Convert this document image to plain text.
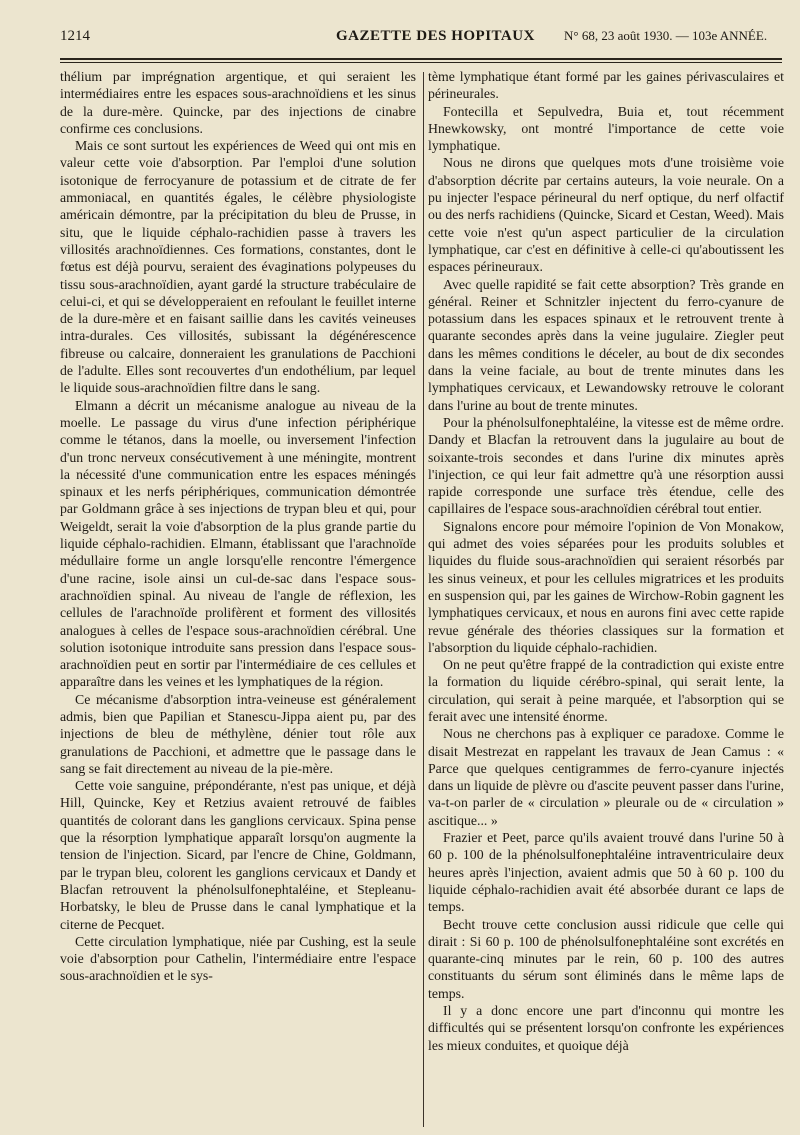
1214	GAZETTE DES HOPITAUX N° 68, 23 août 1930. — 103e ANNÉE.

thélium par imprégnation argentique, et qui seraient les intermédiaires entre les espaces sous-arachnoïdiens et les sinus de la dure-mère. Quincke, par des injections de cinabre confirme ces conclusions.

Mais ce sont surtout les expériences de Weed qui ont mis en valeur cette voie d'absorption. Par l'emploi d'une solution isotonique de ferrocyanure de potassium et de citrate de fer ammoniacal, en quantités égales, le célèbre physiologiste américain démontre, par la précipitation du bleu de Prusse, in situ, que le liquide céphalo-rachidien passe à travers les villosités arachnoïdiennes. Ces formations, constantes, dont le fœtus est déjà pourvu, seraient des évaginations polypeuses du tissu sous-arachnoïdien, ayant gardé la structure trabéculaire de celui-ci, et qui se développeraient en refoulant le feuillet interne de la dure-mère et en faisant saillie dans les cavités veineuses intra-durales. Ces villosités, subissant la dégénérescence fibreuse ou calcaire, donneraient les granulations de Pacchioni de l'adulte. Elles sont recouvertes d'un endothélium, par lequel le liquide sous-arachnoïdien filtre dans le sang.

Elmann a décrit un mécanisme analogue au niveau de la moelle. Le passage du virus d'une infection périphérique comme le tétanos, dans la moelle, ou inversement l'infection d'un tronc nerveux consécutivement à une méningite, montrent la nécessité d'une communication entre les espaces méningés spinaux et les nerfs périphériques, communication démontrée par Goldmann grâce à ses injections de trypan bleu et qui, pour Weigeldt, serait la voie d'absorption de la plus grande partie du liquide céphalo-rachidien. Elmann, établissant que l'arachnoïde médullaire forme un angle lorsqu'elle rencontre l'émergence d'une racine, isole ainsi un cul-de-sac dans l'espace sous-arachnoïdien spinal. Au niveau de l'angle de réflexion, les cellules de l'arachnoïde prolifèrent et forment des villosités analogues à celles de l'espace sous-arachnoïdien cérébral. Une solution isotonique introduite sans pression dans l'espace sous-arachnoïdien peut en sortir par l'intermédiaire de ces cellules et apparaître dans les veines et les lymphatiques de la région.

Ce mécanisme d'absorption intra-veineuse est généralement admis, bien que Papilian et Stanescu-Jippa aient pu, par des injections de bleu de méthylène, dénier tout rôle aux granulations de Pacchioni, et admettre que le passage dans le sang se fait directement au niveau de la pie-mère.

Cette voie sanguine, prépondérante, n'est pas unique, et déjà Hill, Quincke, Key et Retzius avaient retrouvé de faibles quantités de colorant dans les ganglions cervicaux. Spina pense que la résorption lymphatique apparaît lorsqu'on augmente la tension de l'injection. Sicard, par l'encre de Chine, Goldmann, par le trypan bleu, colorent les ganglions cervicaux et Dandy et Blacfan retrouvent la phénolsulfonephtaléine, et Stepleanu-Horbatsky, le bleu de Prusse dans le canal lymphatique et la citerne de Pecquet.

Cette circulation lymphatique, niée par Cushing, est la seule voie d'absorption pour Cathelin, l'intermédiaire entre l'espace sous-arachnoïdien et le sys-

tème lymphatique étant formé par les gaines périvasculaires et périneurales.

Fontecilla et Sepulvedra, Buia et, tout récemment Hnewkowsky, ont montré l'importance de cette voie lymphatique.

Nous ne dirons que quelques mots d'une troisième voie d'absorption décrite par certains auteurs, la voie neurale. On a pu injecter l'espace périneural du nerf optique, du nerf olfactif ou des nerfs rachidiens (Quincke, Sicard et Cestan, Weed). Mais cette voie n'est qu'un aspect particulier de la circulation lymphatique, car c'est en définitive à celle-ci qu'aboutissent les espaces périneuraux.

Avec quelle rapidité se fait cette absorption? Très grande en général. Reiner et Schnitzler injectent du ferro-cyanure de potassium dans les espaces spinaux et le retrouvent trente à quarante secondes après dans la veine jugulaire. Ziegler peut dans les mêmes conditions le déceler, au bout de dix secondes dans la veine faciale, au bout de trente minutes dans les lymphatiques cervicaux, et Lewandowsky retrouve le colorant dans l'urine au bout de trente minutes.

Pour la phénolsulfonephtaléine, la vitesse est de même ordre. Dandy et Blacfan la retrouvent dans la jugulaire au bout de soixante-trois secondes et dans l'urine dix minutes après l'injection, ce qui leur fait admettre qu'à une résorption aussi rapide corresponde une surface très étendue, celle des capillaires de l'espace sous-arachnoïdien cérébral tout entier.

Signalons encore pour mémoire l'opinion de Von Monakow, qui admet des voies séparées pour les produits solubles et liquides du fluide sous-arachnoïdien qui seraient résorbés par les sinus veineux, et pour les cellules migratrices et les produits en suspension qui, par les gaines de Wirchow-Robin gagnent les lymphatiques cervicaux, et nous en aurons fini avec cette rapide revue générale des théories classiques sur la formation et l'absorption du liquide céphalo-rachidien.

On ne peut qu'être frappé de la contradiction qui existe entre la formation du liquide cérébro-spinal, qui serait lente, la circulation, qui serait à peine marquée, et l'absorption qui se ferait avec une intensité énorme.

Nous ne cherchons pas à expliquer ce paradoxe. Comme le disait Mestrezat en rappelant les travaux de Jean Camus : « Parce que quelques centigrammes de ferro-cyanure injectés dans un liquide de plèvre ou d'ascite peuvent passer dans l'urine, va-t-on parler de « circulation » pleurale ou de « circulation » ascitique... »

Frazier et Peet, parce qu'ils avaient trouvé dans l'urine 50 à 60 p. 100 de la phénolsulfonephtaléine intraventriculaire deux heures après l'injection, avaient admis que 50 à 60 p. 100 du liquide céphalo-rachidien avait été absorbée durant ce laps de temps.

Becht trouve cette conclusion aussi ridicule que celle qui dirait : Si 60 p. 100 de phénolsulfonephtaléine sont excrétés en quarante-cinq minutes par le rein, 60 p. 100 des autres constituants du sérum sont éliminés dans le même laps de temps.

Il y a donc encore une part d'inconnu qui montre les difficultés qui se présentent lorsqu'on confronte les expériences les mieux conduites, et quoique déjà
